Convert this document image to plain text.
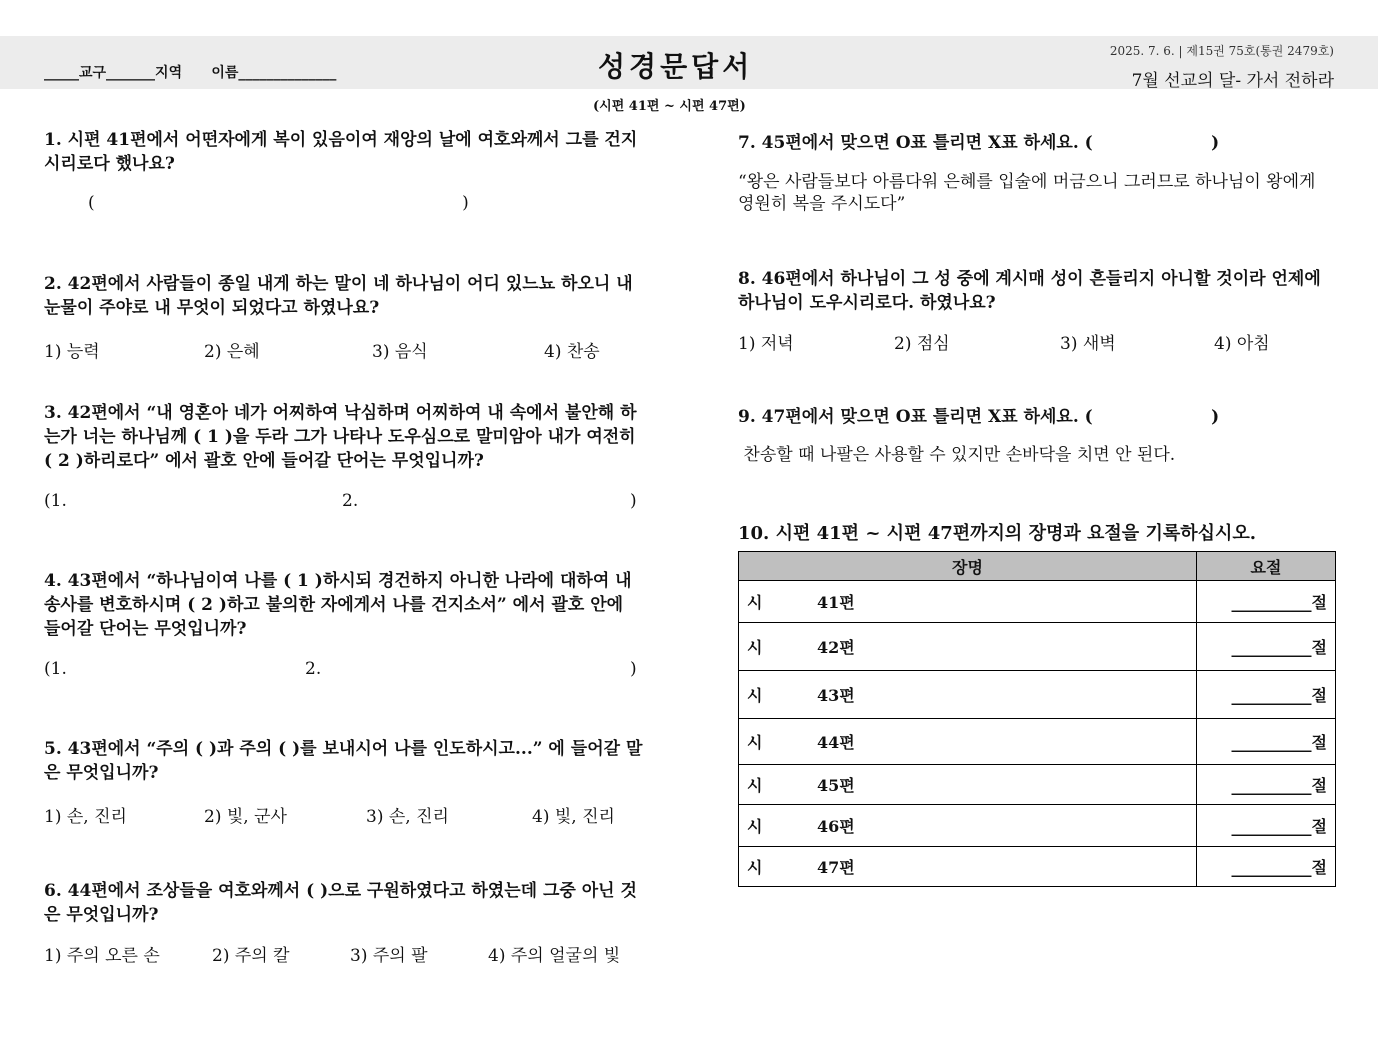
_____교구_______지역      이름______________	성경문답서	2025. 7. 6. | 제15권 75호(통권 2479호)
7월 선교의 달- 가서 전하라
(시편 41편 ~ 시편 47편)
1. 시편 41편에서 어떤자에게 복이 있음이여 재앙의 날에 여호와께서 그를 건지시리로다 했나요?
(                                                                    )
2. 42편에서 사람들이 종일 내게 하는 말이 네 하나님이 어디 있느뇨 하오니 내 눈물이 주야로 내 무엇이 되었다고 하였나요?
1) 능력	2) 은혜	3) 음식	4) 찬송
3. 42편에서 “내 영혼아 네가 어찌하여 낙심하며 어찌하여 내 속에서 불안해 하는가 너는 하나님께 ( 1 )을 두라 그가 나타나 도우심으로 말미암아 내가 여전히 ( 2 )하리로다” 에서 괄호 안에 들어갈 단어는 무엇입니까?
(1.	2.	)
4. 43편에서 “하나님이여 나를 ( 1 )하시되 경건하지 아니한 나라에 대하여 내 송사를 변호하시며 ( 2 )하고 불의한 자에게서 나를 건지소서” 에서 괄호 안에 들어갈 단어는 무엇입니까?
(1.	2.	)
5. 43편에서 “주의 ( )과 주의 ( )를 보내시어 나를 인도하시고...” 에 들어갈 말은 무엇입니까?
1) 손, 진리	2) 빛, 군사	3) 손, 진리	4) 빛, 진리
6. 44편에서 조상들을 여호와께서 ( )으로 구원하였다고 하였는데 그중 아닌 것은 무엇입니까?
1) 주의 오른 손	2) 주의 칼	3) 주의 팔	4) 주의 얼굴의 빛
7. 45편에서 맞으면 O표 틀리면 X표 하세요. (                    )
“왕은 사람들보다 아름다워 은혜를 입술에 머금으니 그러므로 하나님이 왕에게 영원히 복을 주시도다”
8. 46편에서 하나님이 그 성 중에 계시매 성이 흔들리지 아니할 것이라 언제에 하나님이 도우시리로다. 하였나요?
1) 저녁	2) 점심	3) 새벽	4) 아침
9. 47편에서 맞으면 O표 틀리면 X표 하세요. (                    )
찬송할 때 나팔은 사용할 수 있지만 손바닥을 치면 안 된다.
10. 시편 41편 ~ 시편 47편까지의 장명과 요절을 기록하십시오.
장명	요절
시 41편	__________절
시 42편	__________절
시 43편	__________절
시 44편	__________절
시 45편	__________절
시 46편	__________절
시 47편	__________절
